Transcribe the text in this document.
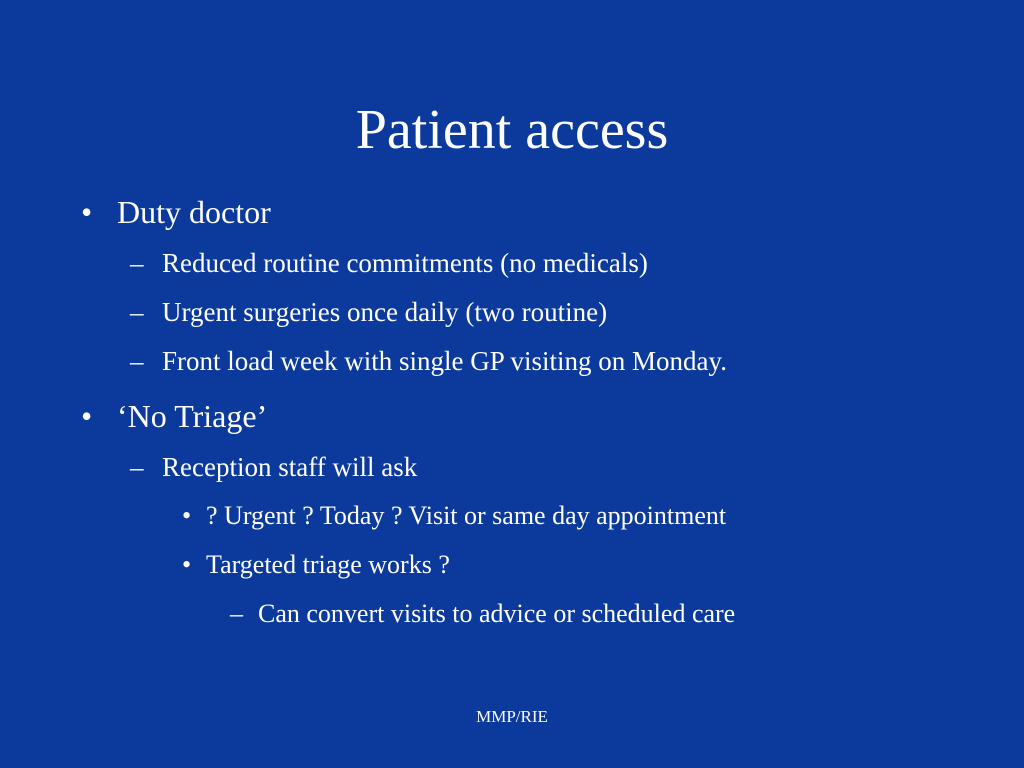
Patient access
• Duty doctor
– Reduced routine commitments (no medicals)
– Urgent surgeries once daily (two routine)
– Front load week with single GP visiting on Monday.
• ‘No Triage’
– Reception staff will ask
• ? Urgent ? Today ? Visit or same day appointment
• Targeted triage works ?
– Can convert visits to advice or scheduled care
MMP/RIE
